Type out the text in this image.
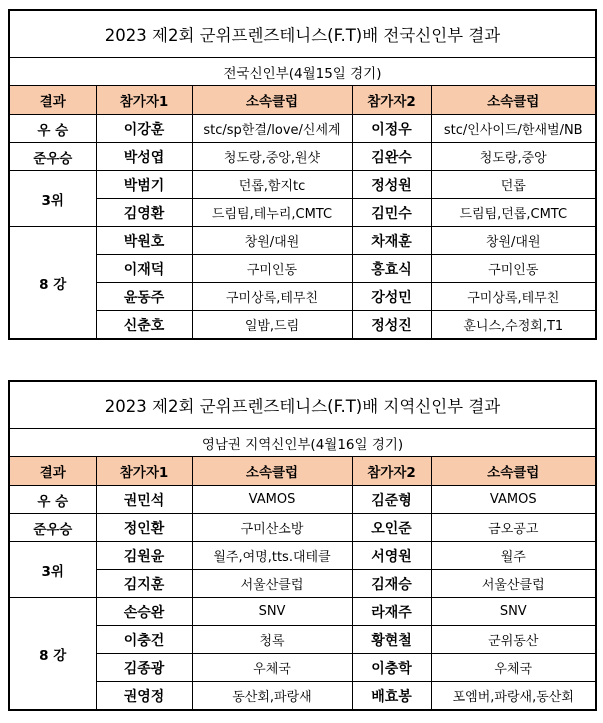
2023 제2회 군위프렌즈테니스(F.T)배 전국신인부 결과				
전국신인부(4월15일 경기)				
결과	참가자1	소속클럽	참가자2	소속클럽
우 승	이강훈	stc/sp한결/love/신세계	이정우	stc/인사이드/한새벌/NB
준우승	박성엽	청도랑,중앙,원샷	김완수	청도랑,중앙
3위	박범기	던롭,함지tc	정성원	던롭
	김영환	드림팀,테누리,CMTC	김민수	드림팀,던롭,CMTC
8 강	박원호	창원/대원	차재훈	창원/대원
	이재덕	구미인동	홍효식	구미인동
	윤동주	구미상록,테무친	강성민	구미상록,테무친
	신춘호	일밤,드림	정성진	훈니스,수정회,T1
2023 제2회 군위프렌즈테니스(F.T)배 지역신인부 결과				
영남권 지역신인부(4월16일 경기)				
결과	참가자1	소속클럽	참가자2	소속클럽
우 승	권민석	VAMOS	김준형	VAMOS
준우승	정인환	구미산소방	오인준	금오공고
3위	김원윤	월주,여명,tts.대테클	서영원	월주
	김지훈	서울산클럽	김재승	서울산클럽
8 강	손승완	SNV	라재주	SNV
	이충건	청록	황현철	군위동산
	김종광	우체국	이충학	우체국
	권영정	동산회,파랑새	배효봉	포엠버,파랑새,동산회
